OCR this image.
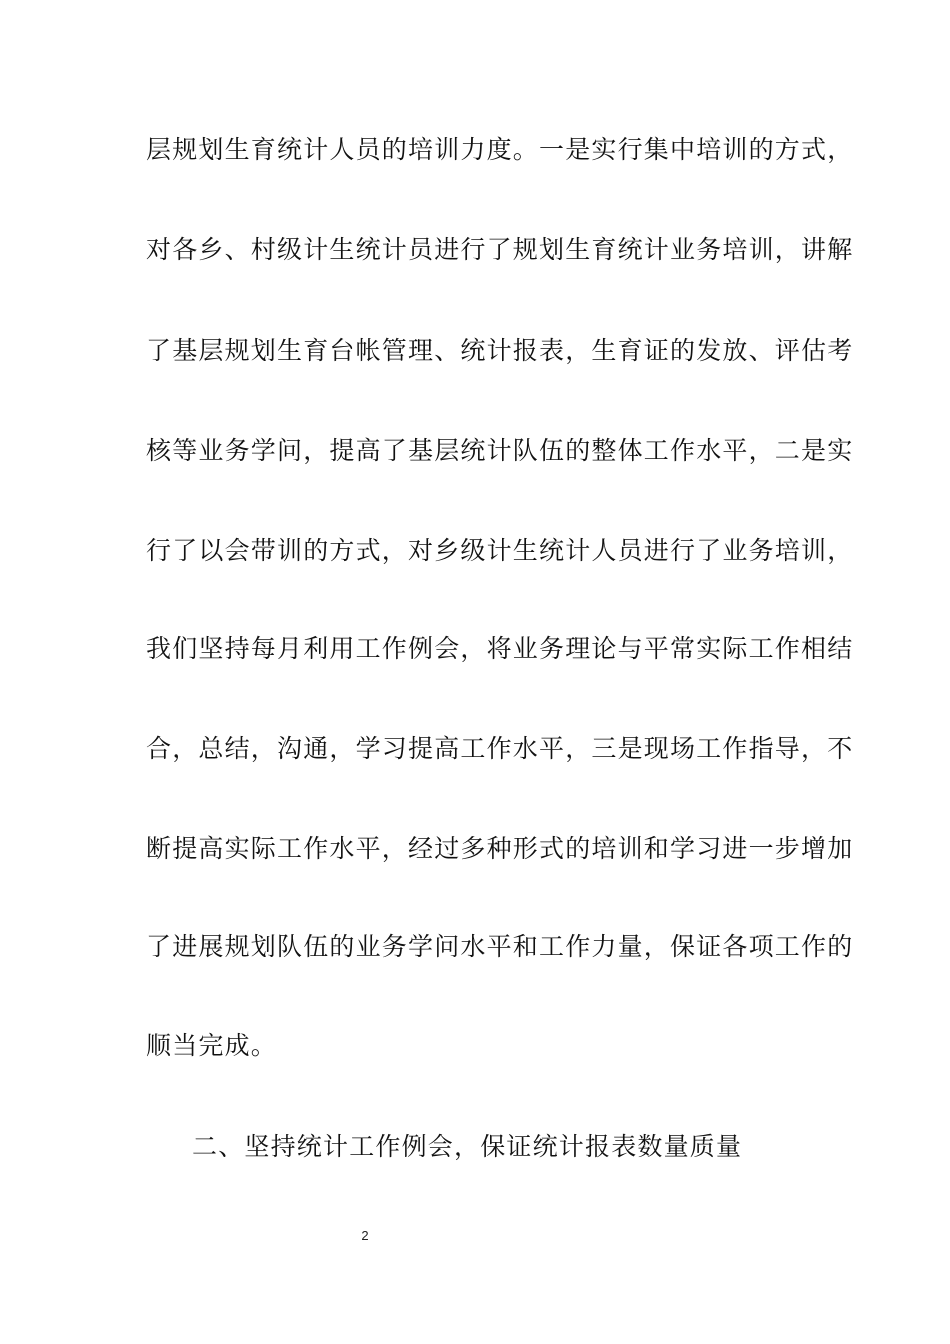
层规划生育统计人员的培训力度。一是实行集中培训的方式，
对各乡、村级计生统计员进行了规划生育统计业务培训，讲解
了基层规划生育台帐管理、统计报表，生育证的发放、评估考
核等业务学问，提高了基层统计队伍的整体工作水平，二是实
行了以会带训的方式，对乡级计生统计人员进行了业务培训，
我们坚持每月利用工作例会，将业务理论与平常实际工作相结
合，总结，沟通，学习提高工作水平，三是现场工作指导，不
断提高实际工作水平，经过多种形式的培训和学习进一步增加
了进展规划队伍的业务学问水平和工作力量，保证各项工作的
顺当完成。
二、坚持统计工作例会，保证统计报表数量质量
2
